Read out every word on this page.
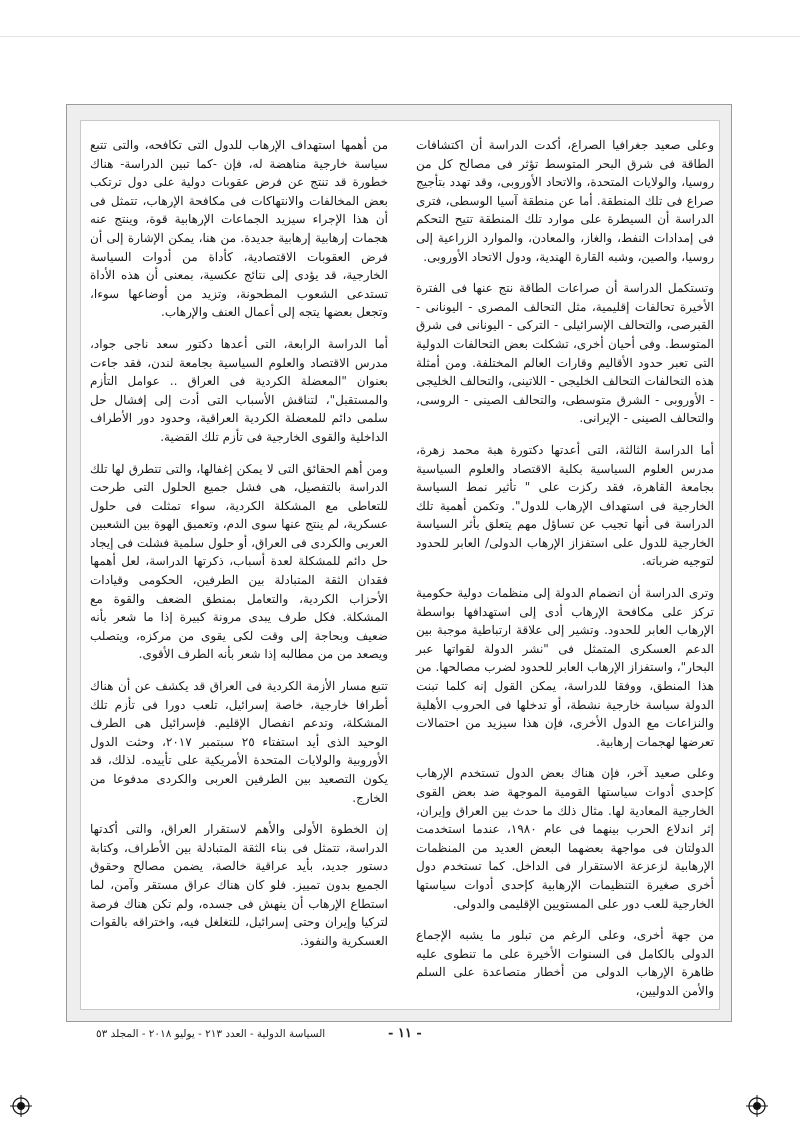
وعلى صعيد جغرافيا الصراع، أكدت الدراسة أن اكتشافات الطاقة فى شرق البحر المتوسط تؤثر فى مصالح كل من روسيا، والولايات المتحدة، والاتحاد الأوروبى، وقد تهدد بتأجيج صراع فى تلك المنطقة. أما عن منطقة آسيا الوسطى، فترى الدراسة أن السيطرة على موارد تلك المنطقة تتيح التحكم فى إمدادات النفط، والغاز، والمعادن، والموارد الزراعية إلى روسيا، والصين، وشبه القارة الهندية، ودول الاتحاد الأوروبى.

وتستكمل الدراسة أن صراعات الطاقة نتج عنها فى الفترة الأخيرة تحالفات إقليمية، مثل التحالف المصرى - اليونانى - القبرصى، والتحالف الإسرائيلى - التركى - اليونانى فى شرق المتوسط. وفى أحيان أخرى، تشكلت بعض التحالفات الدولية التى تعبر حدود الأقاليم وقارات العالم المختلفة. ومن أمثلة هذه التحالفات التحالف الخليجى - اللاتينى، والتحالف الخليجى - الأوروبى - الشرق متوسطى، والتحالف الصينى - الروسى، والتحالف الصينى - الإيرانى.

أما الدراسة الثالثة، التى أعدتها دكتورة هبة محمد زهرة، مدرس العلوم السياسية بكلية الاقتصاد والعلوم السياسية بجامعة القاهرة، فقد ركزت على " تأثير نمط السياسة الخارجية فى استهداف الإرهاب للدول". وتكمن أهمية تلك الدراسة فى أنها تجيب عن تساؤل مهم يتعلق بأثر السياسة الخارجية للدول على استفزاز الإرهاب الدولى/ العابر للحدود لتوجيه ضرباته.

وترى الدراسة أن انضمام الدولة إلى منظمات دولية حكومية تركز على مكافحة الإرهاب أدى إلى استهدافها بواسطة الإرهاب العابر للحدود. وتشير إلى علاقة ارتباطية موجبة بين الدعم العسكرى المتمثل فى "نشر الدولة لقواتها عبر البحار"، واستفزاز الإرهاب العابر للحدود لضرب مصالحها. من هذا المنطق، ووفقا للدراسة، يمكن القول إنه كلما تبنت الدولة سياسة خارجية نشطة، أو تدخلها فى الحروب الأهلية والنزاعات مع الدول الأخرى، فإن هذا سيزيد من احتمالات تعرضها لهجمات إرهابية.

وعلى صعيد آخر، فإن هناك بعض الدول تستخدم الإرهاب كإحدى أدوات سياستها القومية الموجهة ضد بعض القوى الخارجية المعادية لها. مثال ذلك ما حدث بين العراق وإيران، إثر اندلاع الحرب بينهما فى عام ١٩٨٠، عندما استخدمت الدولتان فى مواجهة بعضهما البعض العديد من المنظمات الإرهابية لزعزعة الاستقرار فى الداخل. كما تستخدم دول أخرى صغيرة التنظيمات الإرهابية كإحدى أدوات سياستها الخارجية للعب دور على المستويين الإقليمى والدولى.

من جهة أخرى، وعلى الرغم من تبلور ما يشبه الإجماع الدولى بالكامل فى السنوات الأخيرة على ما تنطوى عليه ظاهرة الإرهاب الدولى من أخطار متصاعدة على السلم والأمن الدوليين،

من أهمها استهداف الإرهاب للدول التى تكافحه، والتى تتبع سياسة خارجية مناهضة له، فإن -كما تبين الدراسة- هناك خطورة قد تنتج عن فرض عقوبات دولية على دول ترتكب بعض المخالفات والانتهاكات فى مكافحة الإرهاب، تتمثل فى أن هذا الإجراء سيزيد الجماعات الإرهابية قوة، وينتج عنه هجمات إرهابية إرهابية جديدة. من هنا، يمكن الإشارة إلى أن فرض العقوبات الاقتصادية، كأداة من أدوات السياسة الخارجية، قد يؤدى إلى نتائج عكسية، بمعنى أن هذه الأداة تستدعى الشعوب المطحونة، وتزيد من أوضاعها سوءا، وتجعل بعضها يتجه إلى أعمال العنف والإرهاب.

أما الدراسة الرابعة، التى أعدها دكتور سعد ناجى جواد، مدرس الاقتصاد والعلوم السياسية بجامعة لندن، فقد جاءت بعنوان "المعضلة الكردية فى العراق .. عوامل التأزم والمستقبل"، لتناقش الأسباب التى أدت إلى إفشال حل سلمى دائم للمعضلة الكردية العراقية، وحدود دور الأطراف الداخلية والقوى الخارجية فى تأزم تلك القضية.

ومن أهم الحقائق التى لا يمكن إغفالها، والتى تتطرق لها تلك الدراسة بالتفصيل، هى فشل جميع الحلول التى طرحت للتعاطى مع المشكلة الكردية، سواء تمثلت فى حلول عسكرية، لم ينتج عنها سوى الدم، وتعميق الهوة بين الشعبين العربى والكردى فى العراق، أو حلول سلمية فشلت فى إيجاد حل دائم للمشكلة لعدة أسباب، ذكرتها الدراسة، لعل أهمها فقدان الثقة المتبادلة بين الطرفين، الحكومى وقيادات الأحزاب الكردية، والتعامل بمنطق الضعف والقوة مع المشكلة. فكل طرف يبدى مرونة كبيرة إذا ما شعر بأنه ضعيف وبحاجة إلى وقت لكى يقوى من مركزه، ويتصلب ويصعد من من مطالبه إذا شعر بأنه الطرف الأقوى.

تتبع مسار الأزمة الكردية فى العراق قد يكشف عن أن هناك أطرافا خارجية، خاصة إسرائيل، تلعب دورا فى تأزم تلك المشكلة، وتدعم انفصال الإقليم. فإسرائيل هى الطرف الوحيد الذى أيد استفتاء ٢٥ سبتمبر ٢٠١٧، وحثت الدول الأوروبية والولايات المتحدة الأمريكية على تأييده. لذلك، قد يكون التصعيد بين الطرفين العربى والكردى مدفوعا من الخارج.

إن الخطوة الأولى والأهم لاستقرار العراق، والتى أكدتها الدراسة، تتمثل فى بناء الثقة المتبادلة بين الأطراف، وكتابة دستور جديد، بأيد عراقية خالصة، يضمن مصالح وحقوق الجميع بدون تمييز. فلو كان هناك عراق مستقر وآمن، لما استطاع الإرهاب أن ينهش فى جسده، ولم تكن هناك فرصة لتركيا وإيران وحتى إسرائيل، للتغلغل فيه، واختراقه بالقوات العسكرية والنفوذ.

- ١١ -
السياسة الدولية - العدد ٢١٣ - يوليو ٢٠١٨ - المجلد ٥٣
